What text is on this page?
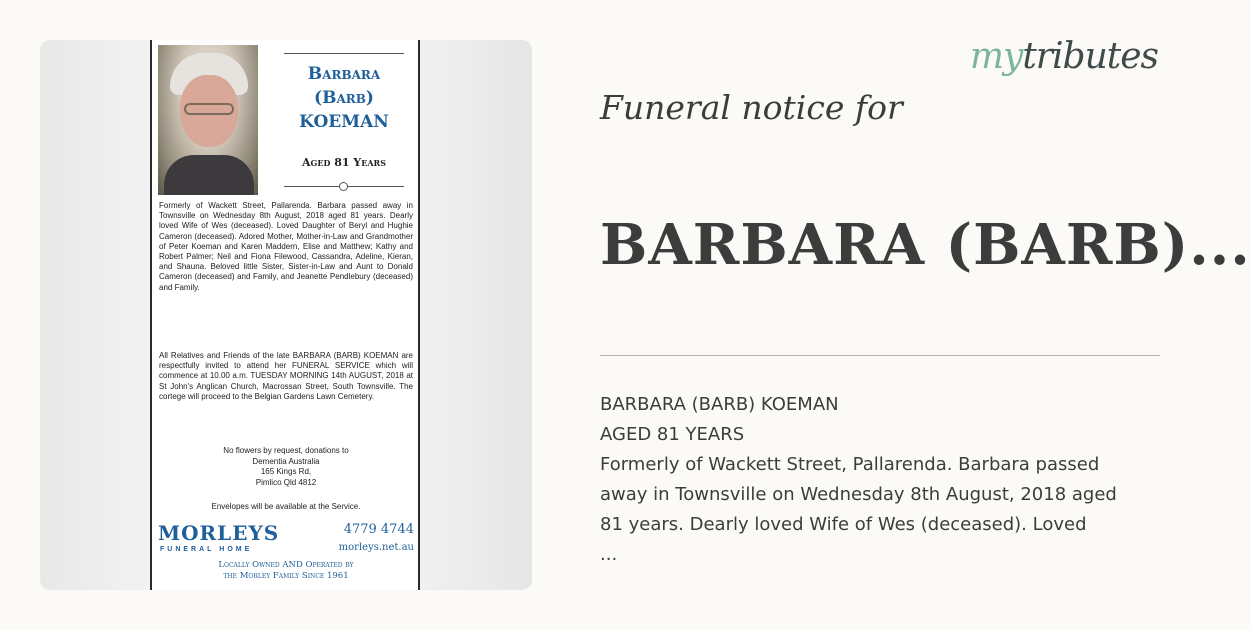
Barbara
(Barb)
KOEMAN
Aged 81 Years

Formerly of Wackett Street, Pallarenda. Barbara passed away in Townsville on Wednesday 8th August, 2018 aged 81 years. Dearly loved Wife of Wes (deceased). Loved Daughter of Beryl and Hughie Cameron (deceased). Adored Mother, Mother-in-Law and Grandmother of Peter Koeman and Karen Maddern, Elise and Matthew; Kathy and Robert Palmer; Neil and Fiona Filewood, Cassandra, Adeline, Kieran, and Shauna. Beloved little Sister, Sister-in-Law and Aunt to Donald Cameron (deceased) and Family, and Jeanette Pendlebury (deceased) and Family.

All Relatives and Friends of the late BARBARA (BARB) KOEMAN are respectfully invited to attend her FUNERAL SERVICE which will commence at 10.00 a.m. TUESDAY MORNING 14th AUGUST, 2018 at St John's Anglican Church, Macrossan Street, South Townsville. The cortege will proceed to the Belgian Gardens Lawn Cemetery.

No flowers by request, donations to
Dementia Australia
165 Kings Rd,
Pimlico Qld 4812
Envelopes will be available at the Service.
MORLEYS
FUNERAL HOME
4779 4744
morleys.net.au
Locally Owned AND Operated by
the Morley Family Since 1961
mytributes
Funeral notice for
BARBARA (BARB)...
BARBARA (BARB) KOEMAN
AGED 81 YEARS
Formerly of Wackett Street, Pallarenda. Barbara passed
away in Townsville on Wednesday 8th August, 2018 aged
81 years. Dearly loved Wife of Wes (deceased). Loved
...
